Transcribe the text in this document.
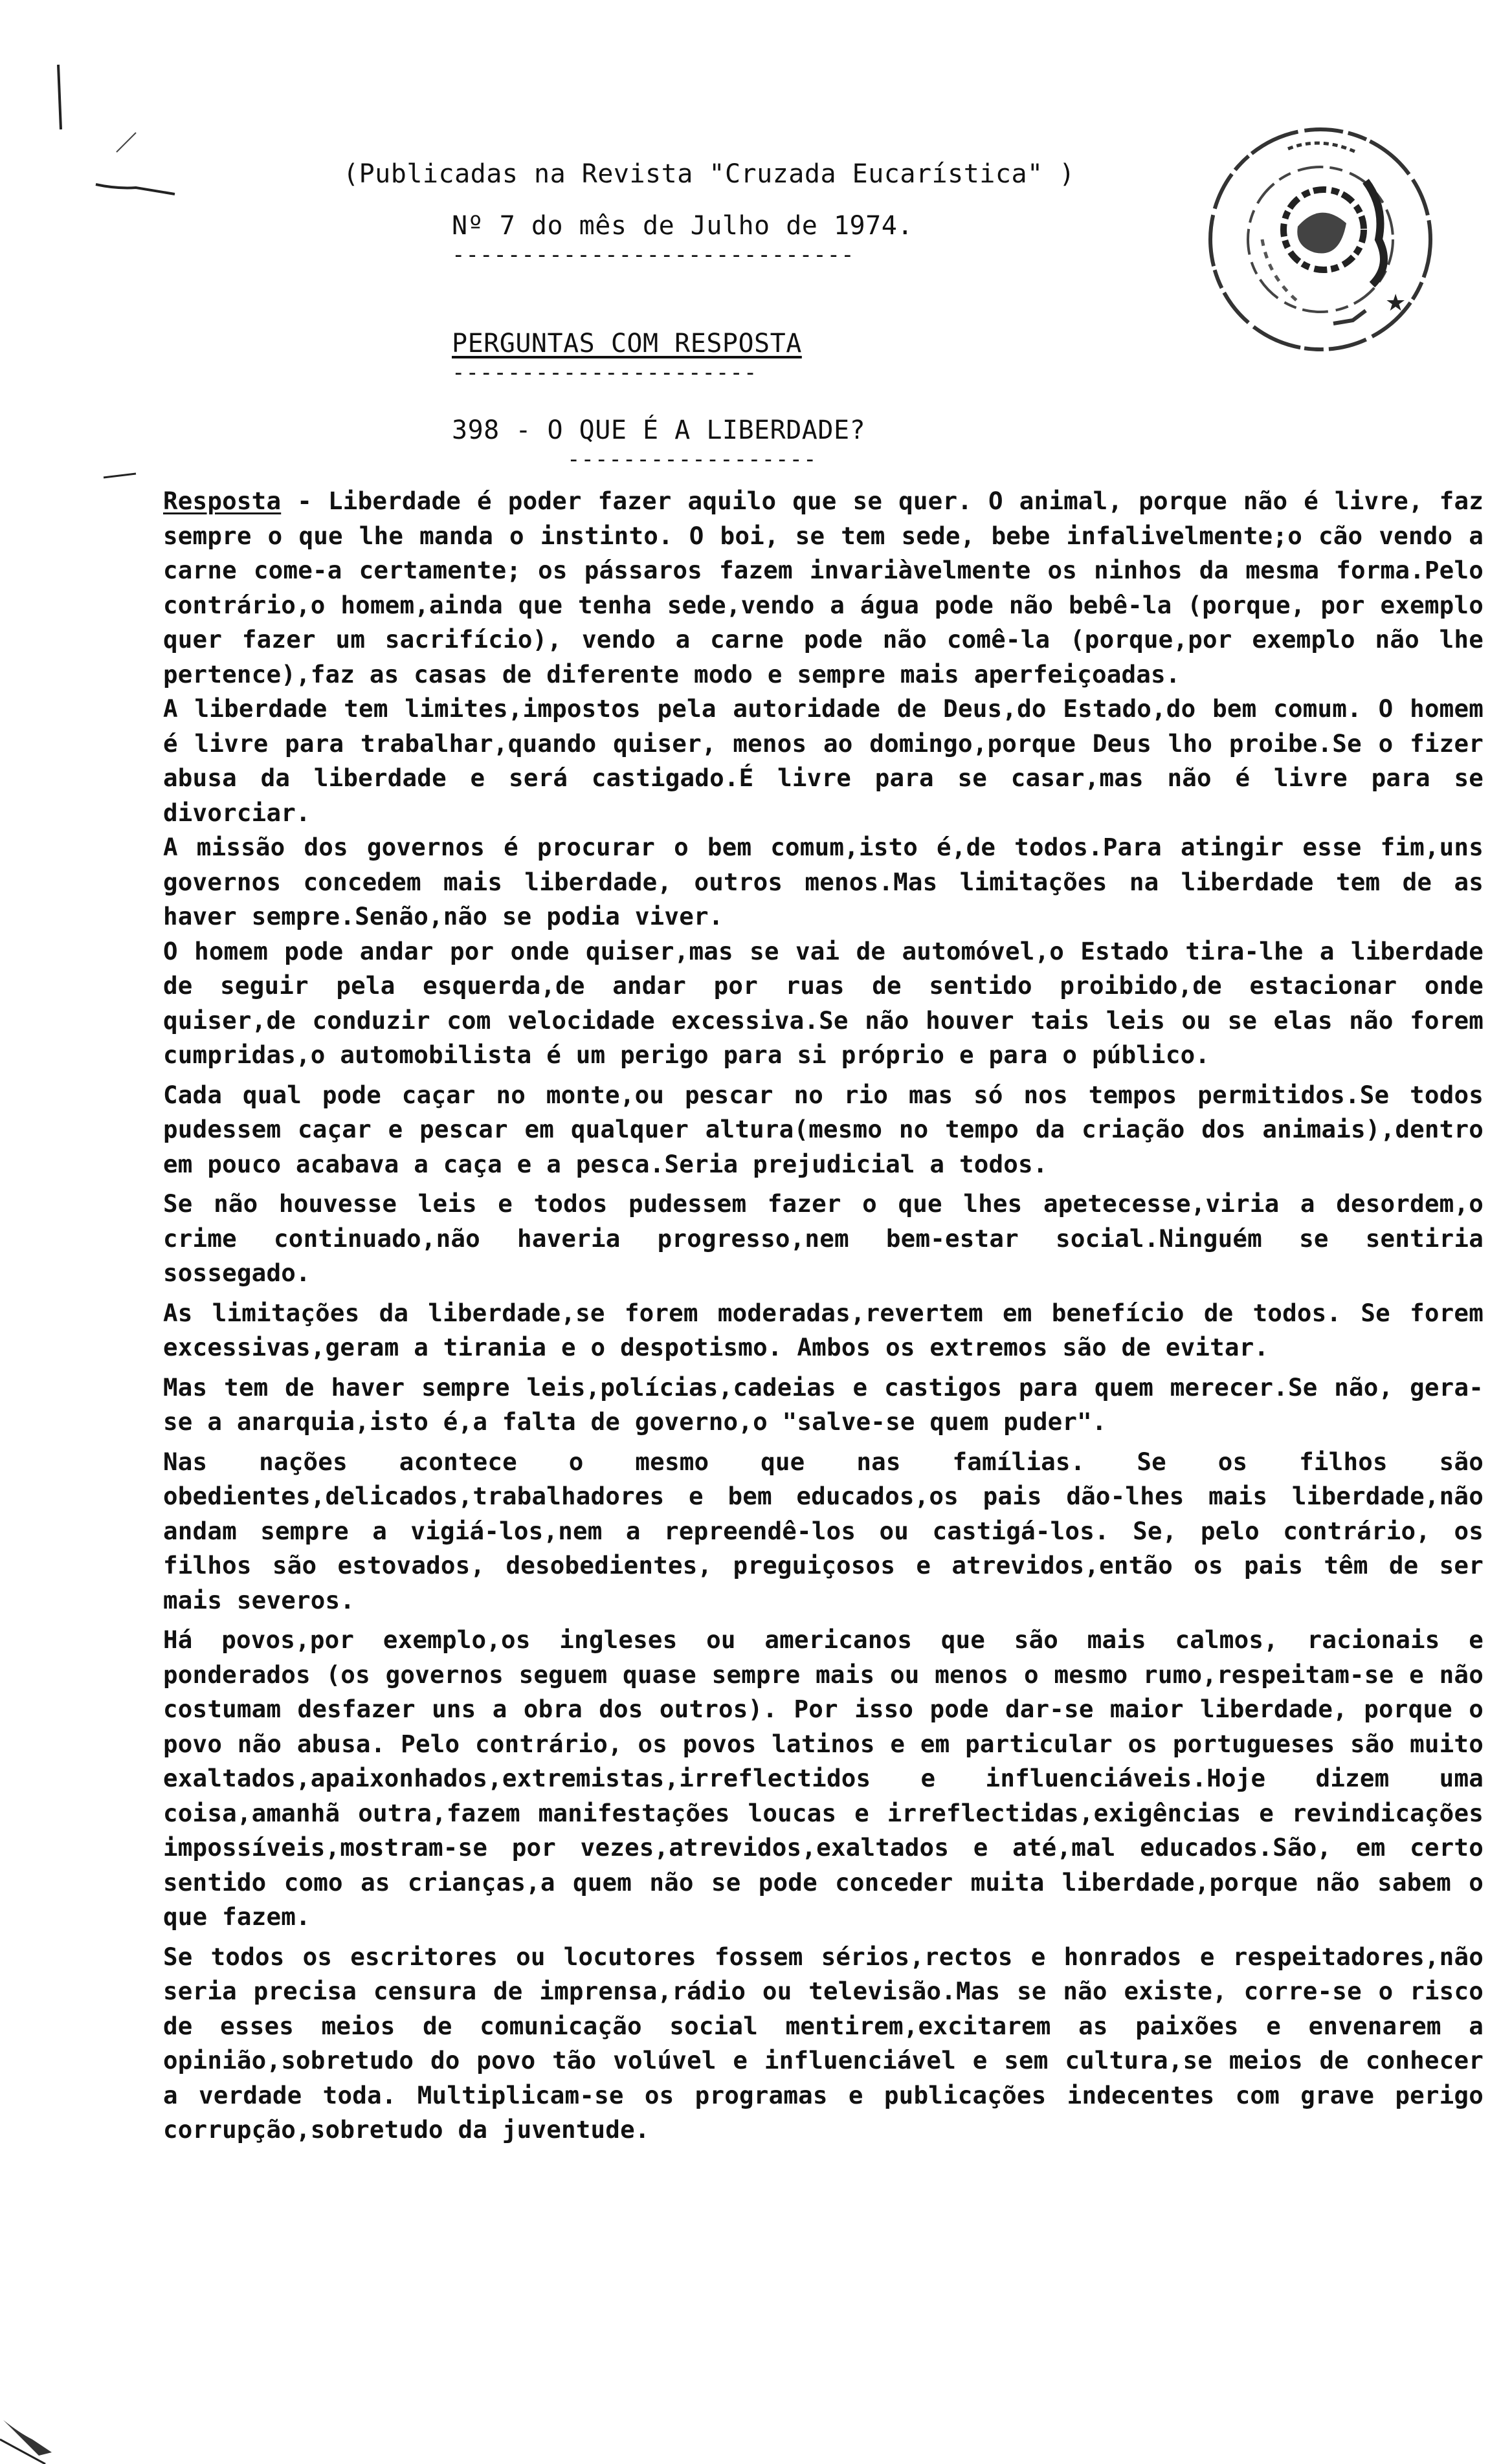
★
(Publicadas na Revista "Cruzada Eucarística" )
Nº 7 do mês de Julho de 1974.
-----------------------------
PERGUNTAS COM RESPOSTA
----------------------
398 - O QUE É A LIBERDADE?
------------------

Resposta - Liberdade é poder fazer aquilo que se quer. O animal, porque não é livre, faz sempre o que lhe manda o instinto. O boi, se tem sede, bebe infalivelmente;o cão vendo a carne come-a certamente; os pássaros fazem invariàvelmente os ninhos da mesma forma.Pelo contrário,o homem,ainda que tenha sede,vendo a água pode não bebê-la (porque, por exemplo quer fazer um sacrifício), vendo a carne pode não comê-la (porque,por exemplo não lhe pertence),faz as casas de diferente modo e sempre mais aperfeiçoadas.

A liberdade tem limites,impostos pela autoridade de Deus,do Estado,do bem comum. O homem é livre para trabalhar,quando quiser, menos ao domingo,porque Deus lho proibe.Se o fizer abusa da liberdade e será castigado.É livre para se casar,mas não é livre para se divorciar.

A missão dos governos é procurar o bem comum,isto é,de todos.Para atingir esse fim,uns governos concedem mais liberdade, outros menos.Mas limitações na liberdade tem de as haver sempre.Senão,não se podia viver.

O homem pode andar por onde quiser,mas se vai de automóvel,o Estado tira-lhe a liberdade de seguir pela esquerda,de andar por ruas de sentido proibido,de estacionar onde quiser,de conduzir com velocidade excessiva.Se não houver tais leis ou se elas não forem cumpridas,o automobilista é um perigo para si próprio e para o público.

Cada qual pode caçar no monte,ou pescar no rio mas só nos tempos permitidos.Se todos pudessem caçar e pescar em qualquer altura(mesmo no tempo da criação dos animais),dentro em pouco acabava a caça e a pesca.Seria prejudicial a todos.

Se não houvesse leis e todos pudessem fazer o que lhes apetecesse,viria a desordem,o crime continuado,não haveria progresso,nem bem-estar social.Ninguém se sentiria sossegado.

As limitações da liberdade,se forem moderadas,revertem em benefício de todos. Se forem excessivas,geram a tirania e o despotismo. Ambos os extremos são de evitar.

Mas tem de haver sempre leis,polícias,cadeias e castigos para quem merecer.Se não, gera-se a anarquia,isto é,a falta de governo,o "salve-se quem puder".

Nas nações acontece o mesmo que nas famílias. Se os filhos são obedientes,delicados,trabalhadores e bem educados,os pais dão-lhes mais liberdade,não andam sempre a vigiá-los,nem a repreendê-los ou castigá-los. Se, pelo contrário, os filhos são estovados, desobedientes, preguiçosos e atrevidos,então os pais têm de ser mais severos.

Há povos,por exemplo,os ingleses ou americanos que são mais calmos, racionais e ponderados (os governos seguem quase sempre mais ou menos o mesmo rumo,respeitam-se e não costumam desfazer uns a obra dos outros). Por isso pode dar-se maior liberdade, porque o povo não abusa. Pelo contrário, os povos latinos e em particular os portugueses são muito exaltados,apaixonhados,extremistas,irreflectidos e influenciáveis.Hoje dizem uma coisa,amanhã outra,fazem manifestações loucas e irreflectidas,exigências e revindicações impossíveis,mostram-se por vezes,atrevidos,exaltados e até,mal educados.São, em certo sentido como as crianças,a quem não se pode conceder muita liberdade,porque não sabem o que fazem.

Se todos os escritores ou locutores fossem sérios,rectos e honrados e respeitadores,não seria precisa censura de imprensa,rádio ou televisão.Mas se não existe, corre-se o risco de esses meios de comunicação social mentirem,excitarem as paixões e envenarem a opinião,sobretudo do povo tão volúvel e influenciável e sem cultura,se meios de conhecer a verdade toda. Multiplicam-se os programas e publicações indecentes com grave perigo corrupção,sobretudo da juventude.
